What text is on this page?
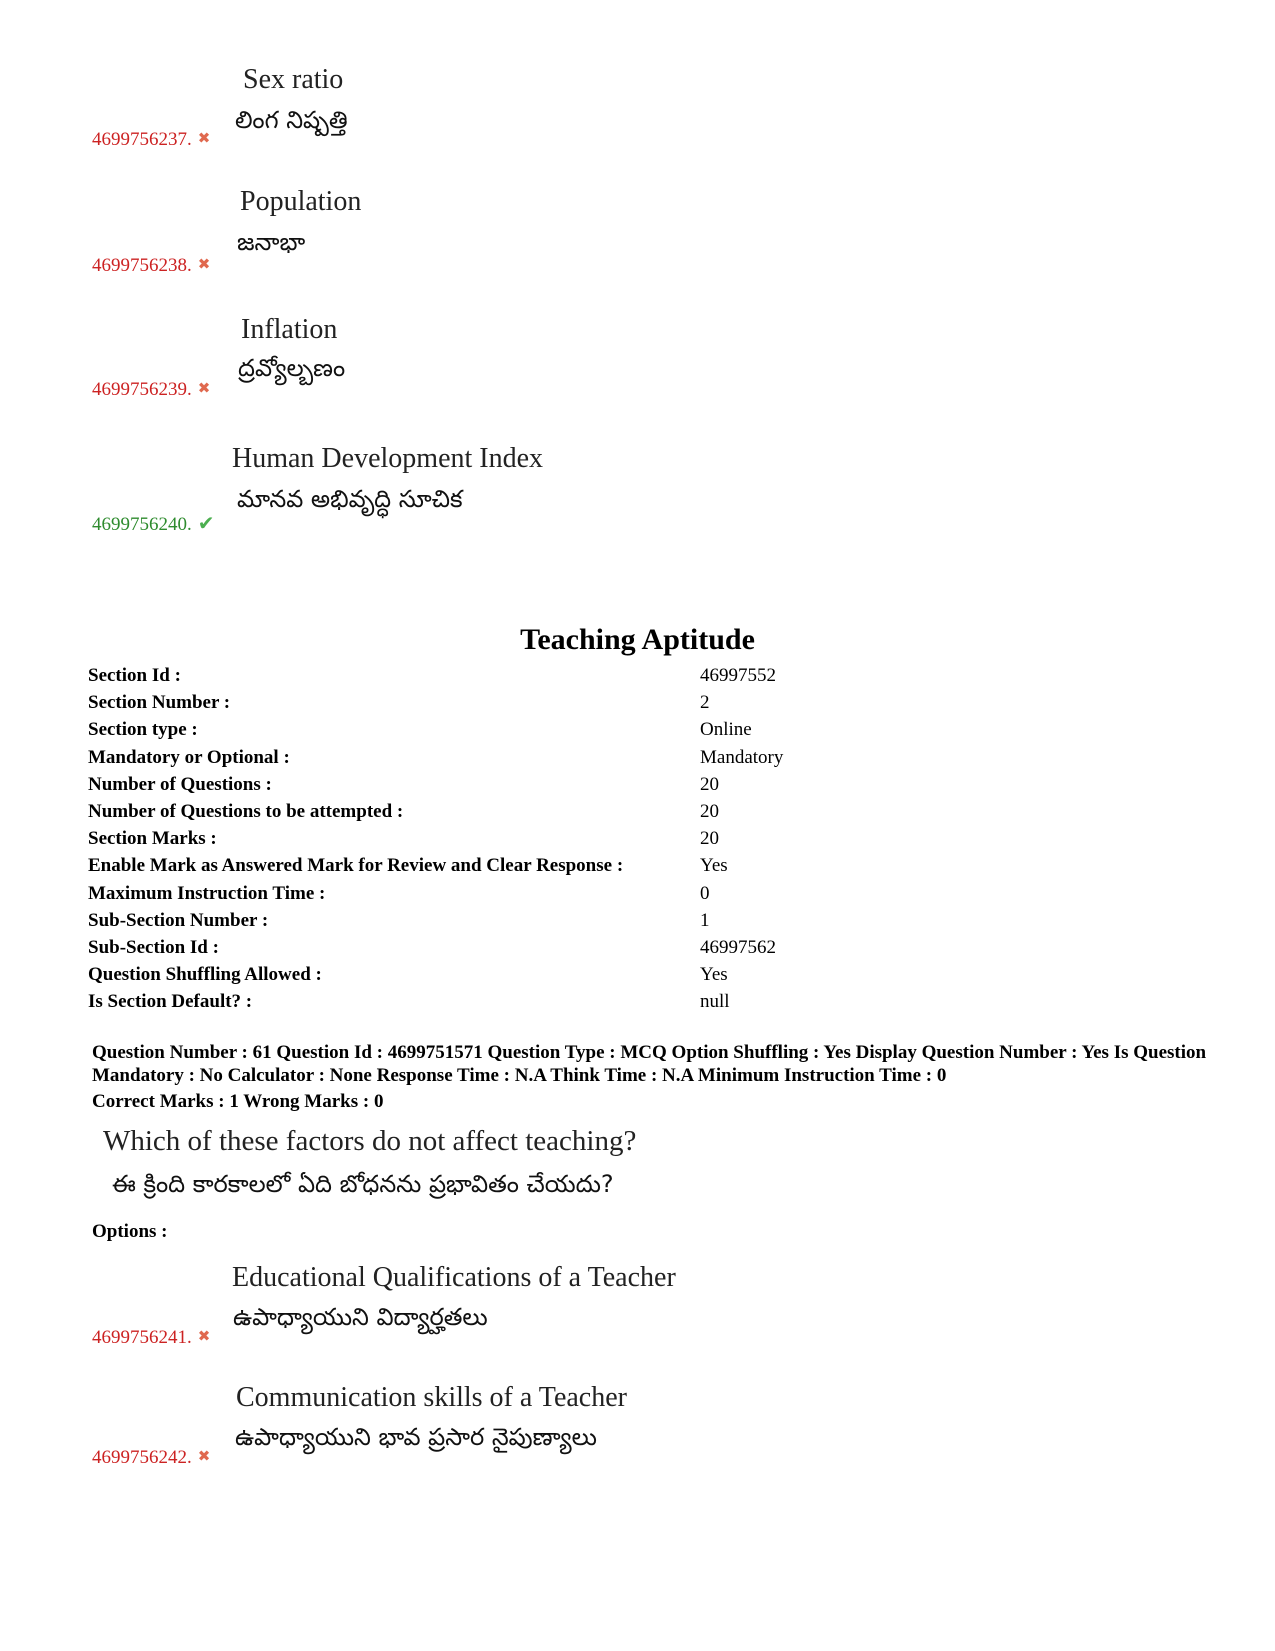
Sex ratio
లింగ నిష్పత్తి
4699756237. ✖
Population
జనాభా
4699756238. ✖
Inflation
ద్రవ్యోల్బణం
4699756239. ✖
Human Development Index
మానవ అభివృద్ధి సూచిక
4699756240. ✔
Teaching Aptitude
Section Id :	46997552
Section Number :	2
Section type :	Online
Mandatory or Optional :	Mandatory
Number of Questions :	20
Number of Questions to be attempted :	20
Section Marks :	20
Enable Mark as Answered Mark for Review and Clear Response :	Yes
Maximum Instruction Time :	0
Sub-Section Number :	1
Sub-Section Id :	46997562
Question Shuffling Allowed :	Yes
Is Section Default? :	null
Question Number : 61 Question Id : 4699751571 Question Type : MCQ Option Shuffling : Yes Display Question Number : Yes Is Question Mandatory : No Calculator : None Response Time : N.A Think Time : N.A Minimum Instruction Time : 0
Correct Marks : 1 Wrong Marks : 0
Which of these factors do not affect teaching?
ఈ క్రింది కారకాలలో ఏది బోధనను ప్రభావితం చేయదు?
Options :
Educational Qualifications of a Teacher
ఉపాధ్యాయుని విద్యార్హతలు
4699756241. ✖
Communication skills of a Teacher
ఉపాధ్యాయుని భావ ప్రసార నైపుణ్యాలు
4699756242. ✖
